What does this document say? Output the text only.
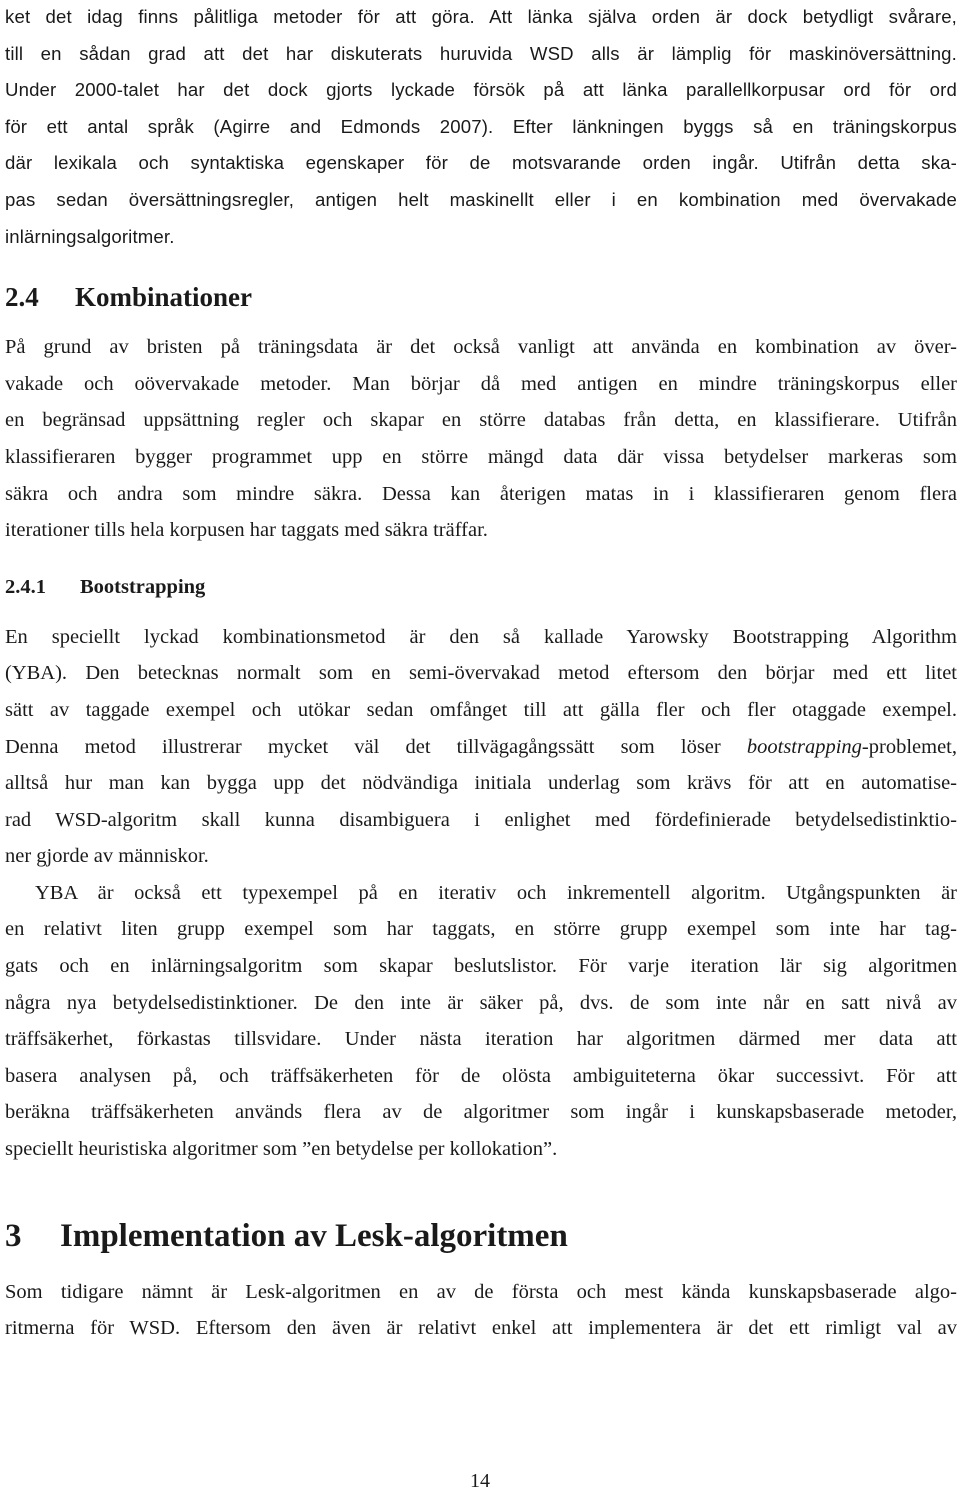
ket det idag finns pålitliga metoder för att göra. Att länka själva orden är dock betydligt svårare,
till en sådan grad att det har diskuterats huruvida WSD alls är lämplig för maskinöversättning.
Under 2000-talet har det dock gjorts lyckade försök på att länka parallellkorpusar ord för ord
för ett antal språk (Agirre and Edmonds 2007). Efter länkningen byggs så en träningskorpus
där lexikala och syntaktiska egenskaper för de motsvarande orden ingår. Utifrån detta ska-
pas sedan översättningsregler, antigen helt maskinellt eller i en kombination med övervakade
inlärningsalgoritmer.
2.4 Kombinationer
På grund av bristen på träningsdata är det också vanligt att använda en kombination av över-
vakade och oövervakade metoder. Man börjar då med antigen en mindre träningskorpus eller
en begränsad uppsättning regler och skapar en större databas från detta, en klassifierare. Utifrån
klassifieraren bygger programmet upp en större mängd data där vissa betydelser markeras som
säkra och andra som mindre säkra. Dessa kan återigen matas in i klassifieraren genom flera
iterationer tills hela korpusen har taggats med säkra träffar.
2.4.1 Bootstrapping
En speciellt lyckad kombinationsmetod är den så kallade Yarowsky Bootstrapping Algorithm
(YBA). Den betecknas normalt som en semi-övervakad metod eftersom den börjar med ett litet
sätt av taggade exempel och utökar sedan omfånget till att gälla fler och fler otaggade exempel.
Denna metod illustrerar mycket väl det tillvägagångssätt som löser bootstrapping-problemet,
alltså hur man kan bygga upp det nödvändiga initiala underlag som krävs för att en automatise-
rad WSD-algoritm skall kunna disambiguera i enlighet med fördefinierade betydelsedistinktio-
ner gjorde av människor.
YBA är också ett typexempel på en iterativ och inkrementell algoritm. Utgångspunkten är
en relativt liten grupp exempel som har taggats, en större grupp exempel som inte har tag-
gats och en inlärningsalgoritm som skapar beslutslistor. För varje iteration lär sig algoritmen
några nya betydelsedistinktioner. De den inte är säker på, dvs. de som inte når en satt nivå av
träffsäkerhet, förkastas tillsvidare. Under nästa iteration har algoritmen därmed mer data att
basera analysen på, och träffsäkerheten för de olösta ambiguiteterna ökar successivt. För att
beräkna träffsäkerheten används flera av de algoritmer som ingår i kunskapsbaserade metoder,
speciellt heuristiska algoritmer som ”en betydelse per kollokation”.
3 Implementation av Lesk-algoritmen
Som tidigare nämnt är Lesk-algoritmen en av de första och mest kända kunskapsbaserade algo-
ritmerna för WSD. Eftersom den även är relativt enkel att implementera är det ett rimligt val av
14
